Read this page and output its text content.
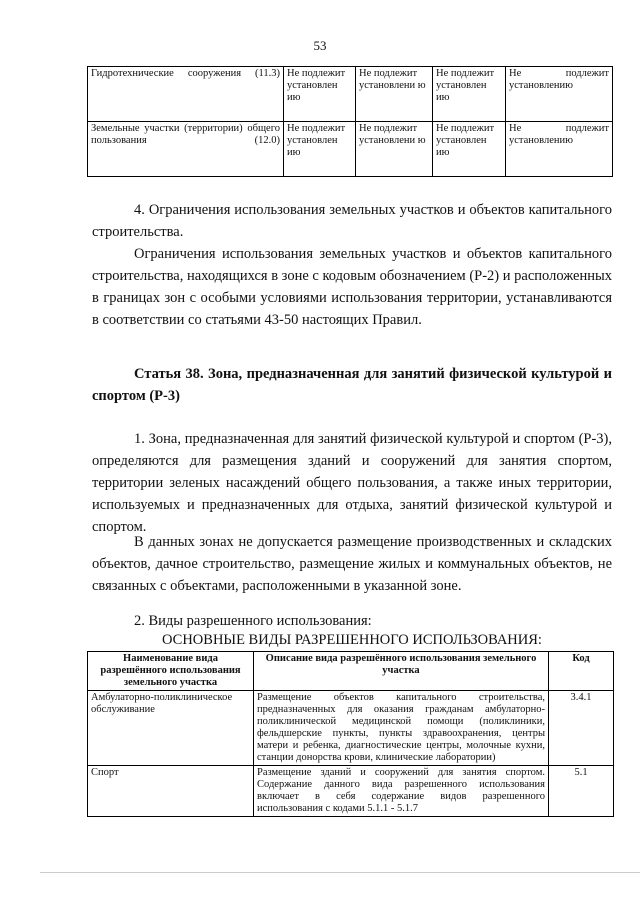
53
Гидротехнические сооружения (11.3)	Не подлежит установлен ию	Не подлежит установлени ю	Не подлежит установлен ию	Не подлежит установлению
Земельные участки (территории) общего пользования (12.0)	Не подлежит установлен ию	Не подлежит установлени ю	Не подлежит установлен ию	Не подлежит установлению

4. Ограничения использования земельных участков и объектов капитального строительства.

Ограничения использования земельных участков и объектов капитального строительства, находящихся в зоне с кодовым обозначением (Р-2) и расположенных в границах зон с особыми условиями использования территории, устанавливаются в соответствии со статьями 43-50 настоящих Правил.

Статья 38. Зона, предназначенная для занятий физической культурой и спортом (Р-3)

1. Зона, предназначенная для занятий физической культурой и спортом (Р-3), определяются для размещения зданий и сооружений для занятия спортом, территории зеленых насаждений общего пользования, а также иных территории, используемых и предназначенных для отдыха, занятий физической культурой и спортом.

В данных зонах не допускается размещение производственных и складских объектов, дачное строительство, размещение жилых и коммунальных объектов, не связанных с объектами, расположенными в указанной зоне.

2. Виды разрешенного использования:

ОСНОВНЫЕ ВИДЫ РАЗРЕШЕННОГО ИСПОЛЬЗОВАНИЯ:
Наименование вида разрешённого использования земельного участка	Описание вида разрешённого использования земельного участка	Код
Амбулаторно-поликлиническое обслуживание	Размещение объектов капитального строительства, предназначенных для оказания гражданам амбулаторно-поликлинической медицинской помощи (поликлиники, фельдшерские пункты, пункты здравоохранения, центры матери и ребенка, диагностические центры, молочные кухни, станции донорства крови, клинические лаборатории)	3.4.1
Спорт	Размещение зданий и сооружений для занятия спортом. Содержание данного вида разрешенного использования включает в себя содержание видов разрешенного использования с кодами 5.1.1 - 5.1.7	5.1
